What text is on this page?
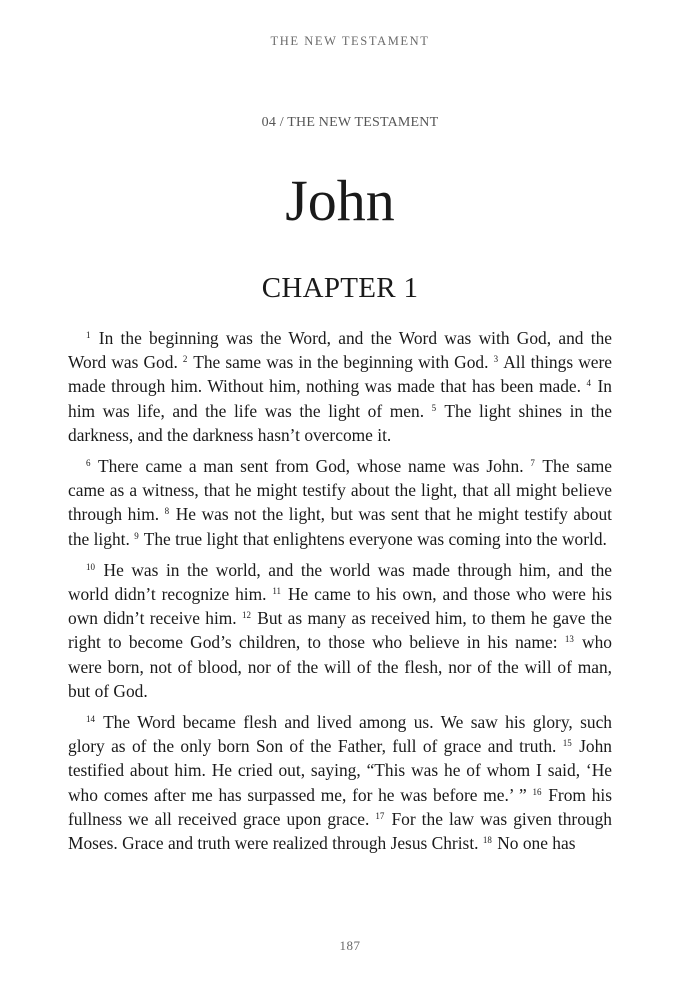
THE NEW TESTAMENT
04 / THE NEW TESTAMENT
John
CHAPTER 1

$^1$ In the beginning was the Word, and the Word was with God, and the Word was God. $^2$ The same was in the beginning with God. $^3$ All things were made through him. Without him, nothing was made that has been made. $^4$ In him was life, and the life was the light of men. $^5$ The light shines in the darkness, and the darkness hasn’t overcome it.

$^6$ There came a man sent from God, whose name was John. $^7$ The same came as a witness, that he might testify about the light, that all might believe through him. $^8$ He was not the light, but was sent that he might testify about the light. $^9$ The true light that enlightens everyone was coming into the world.

$^{10}$ He was in the world, and the world was made through him, and the world didn’t recognize him. $^{11}$ He came to his own, and those who were his own didn’t receive him. $^{12}$ But as many as received him, to them he gave the right to become God’s children, to those who believe in his name: $^{13}$ who were born, not of blood, nor of the will of the flesh, nor of the will of man, but of God.

$^{14}$ The Word became flesh and lived among us. We saw his glory, such glory as of the only born Son of the Father, full of grace and truth. $^{15}$ John testified about him. He cried out, saying, “This was he of whom I said, ‘He who comes after me has surpassed me, for he was before me.’ ” $^{16}$ From his fullness we all received grace upon grace. $^{17}$ For the law was given through Moses. Grace and truth were realized through Jesus Christ. $^{18}$ No one has

187
